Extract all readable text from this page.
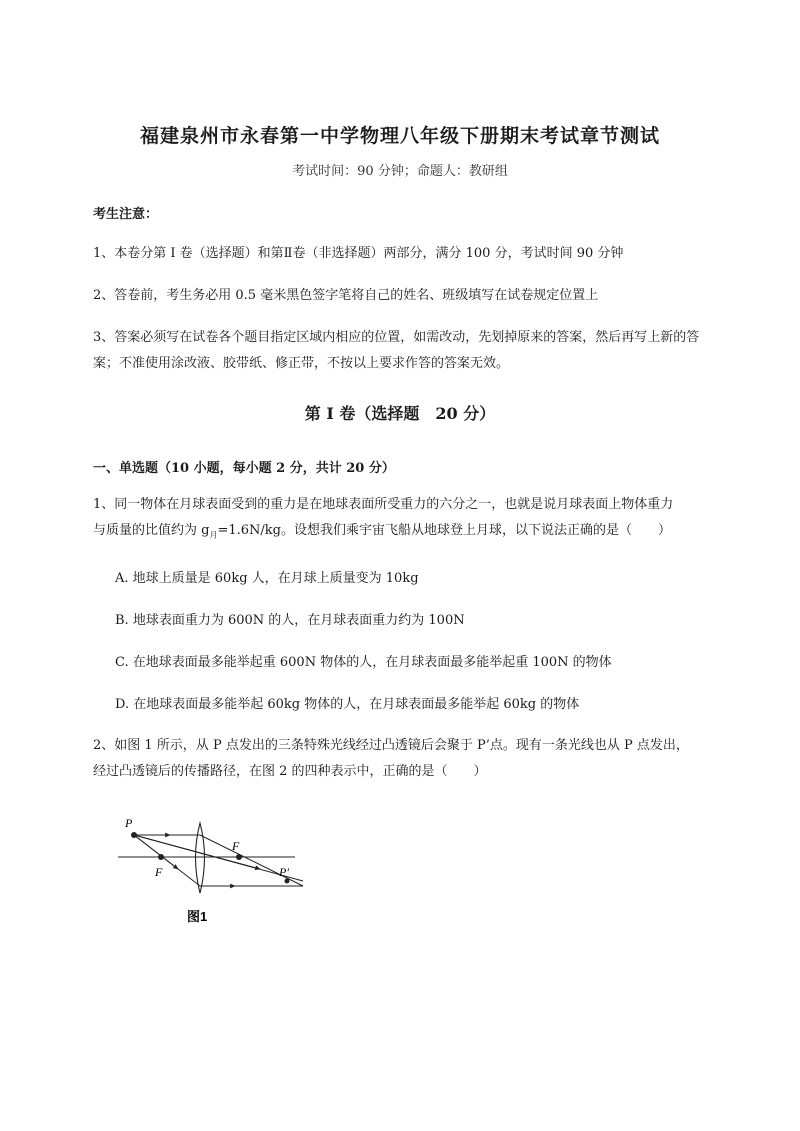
福建泉州市永春第一中学物理八年级下册期末考试章节测试
考试时间：90 分钟；命题人：教研组
考生注意：
1、本卷分第 I 卷（选择题）和第Ⅱ卷（非选择题）两部分，满分 100 分，考试时间 90 分钟
2、答卷前，考生务必用 0.5 毫米黑色签字笔将自己的姓名、班级填写在试卷规定位置上
3、答案必须写在试卷各个题目指定区域内相应的位置，如需改动，先划掉原来的答案，然后再写上新的答案；不准使用涂改液、胶带纸、修正带，不按以上要求作答的答案无效。
第 I 卷（选择题　20 分）
一、单选题（10 小题，每小题 2 分，共计 20 分）
1、同一物体在月球表面受到的重力是在地球表面所受重力的六分之一，也就是说月球表面上物体重力
与质量的比值约为 $g_月=1.6N/kg$。设想我们乘宇宙飞船从地球登上月球，以下说法正确的是（　　）
A. 地球上质量是 60kg 人，在月球上质量变为 10kg
B. 地球表面重力为 600N 的人，在月球表面重力约为 100N
C. 在地球表面最多能举起重 600N 物体的人，在月球表面最多能举起重 100N 的物体
D. 在地球表面最多能举起 60kg 物体的人，在月球表面最多能举起 60kg 的物体
2、如图 1 所示，从 P 点发出的三条特殊光线经过凸透镜后会聚于 P’点。现有一条光线也从 P 点发出，
经过凸透镜后的传播路径，在图 2 的四种表示中，正确的是（　　）
P
F
F
P′
图1
